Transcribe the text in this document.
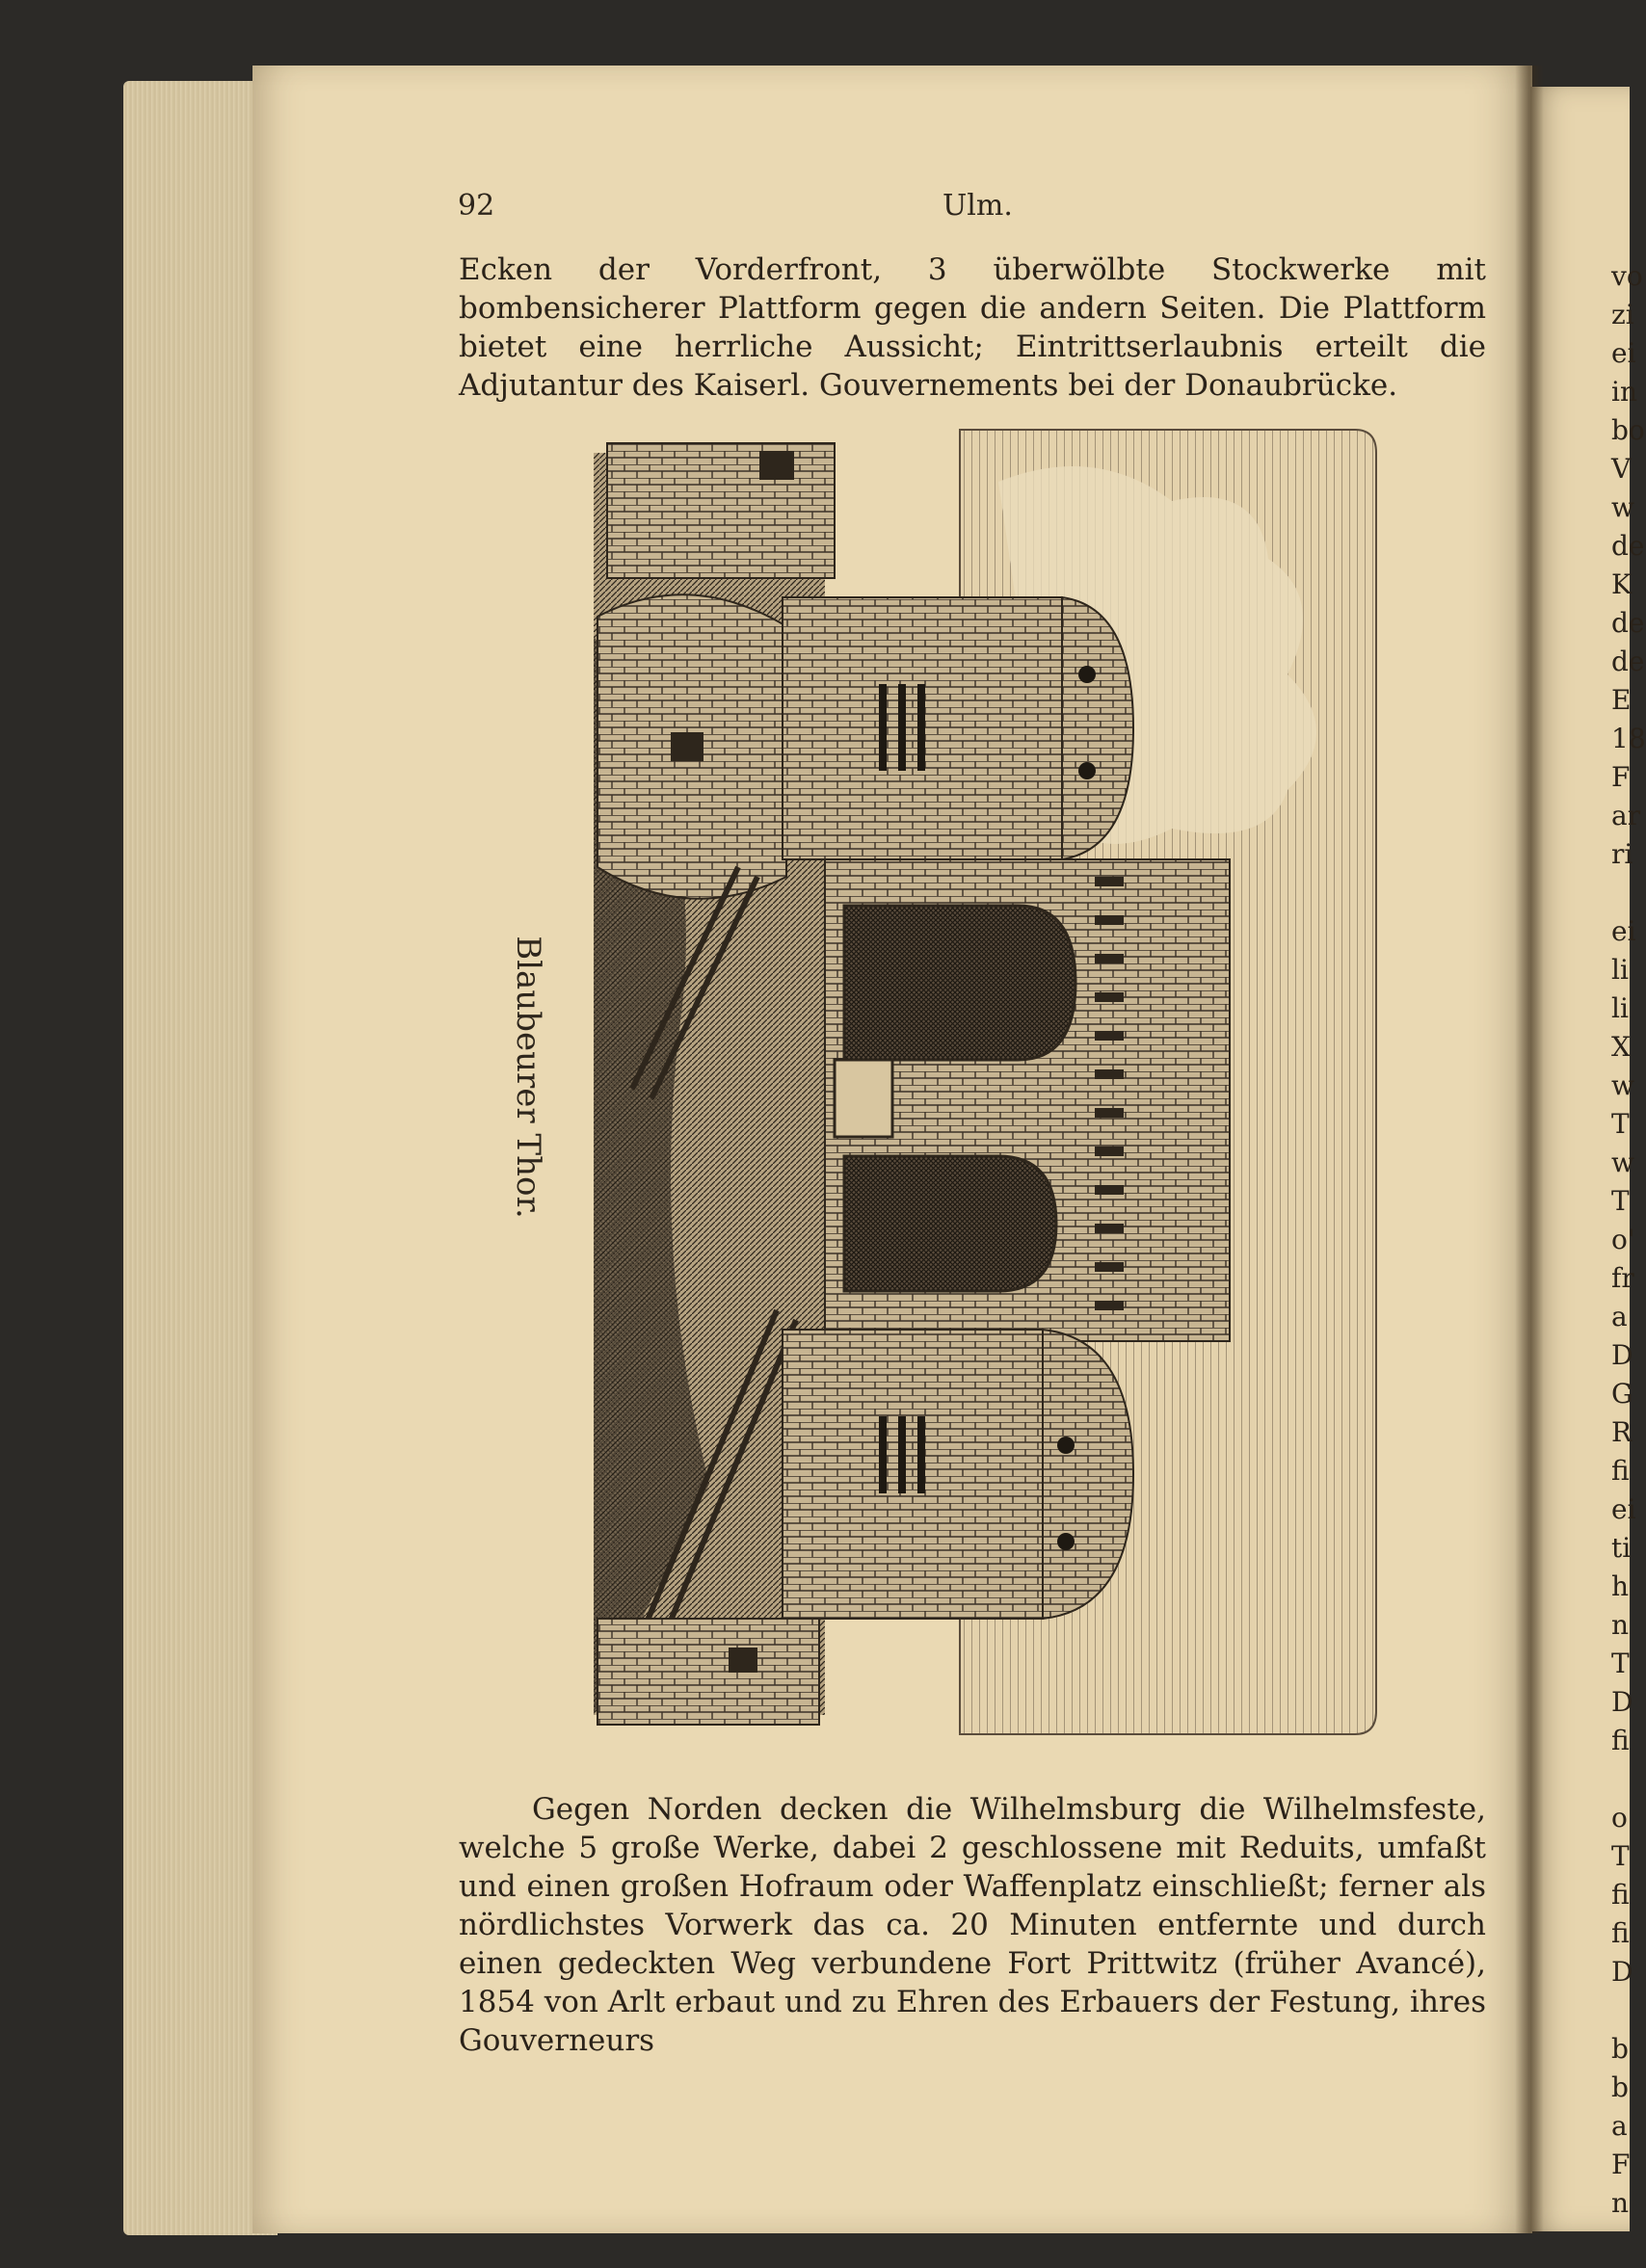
92	Ulm.

Ecken der Vorderfront, 3 überwölbte Stockwerke mit bombensicherer Plattform gegen die andern Seiten. Die Plattform bietet eine herrliche Aussicht; Eintrittserlaubnis erteilt die Adjutantur des Kaiserl. Gouvernements bei der Donaubrücke.

Blaubeurer Thor.

Gegen Norden decken die Wilhelmsburg die Wilhelmsfeste, welche 5 große Werke, dabei 2 geschlossene mit Reduits, umfaßt und einen großen Hofraum oder Waffenplatz einschließt; ferner als nördlichstes Vorwerk das ca. 20 Minuten entfernte und durch einen gedeckten Weg verbundene Fort Prittwitz (früher Avancé), 1854 von Arlt erbaut und zu Ehren des Erbauers der Festung, ihres Gouverneurs

vo
zi
ei
in
bo
V
w
de
K
de
de
E
18
F
ar
ri
ei
li
li
X
w
T
w
T
o'
fr
a
D
G
R
fi
ei
ti
h
n
T
D
fi
o
T
fi
fi
D
b
b
a
F
n
